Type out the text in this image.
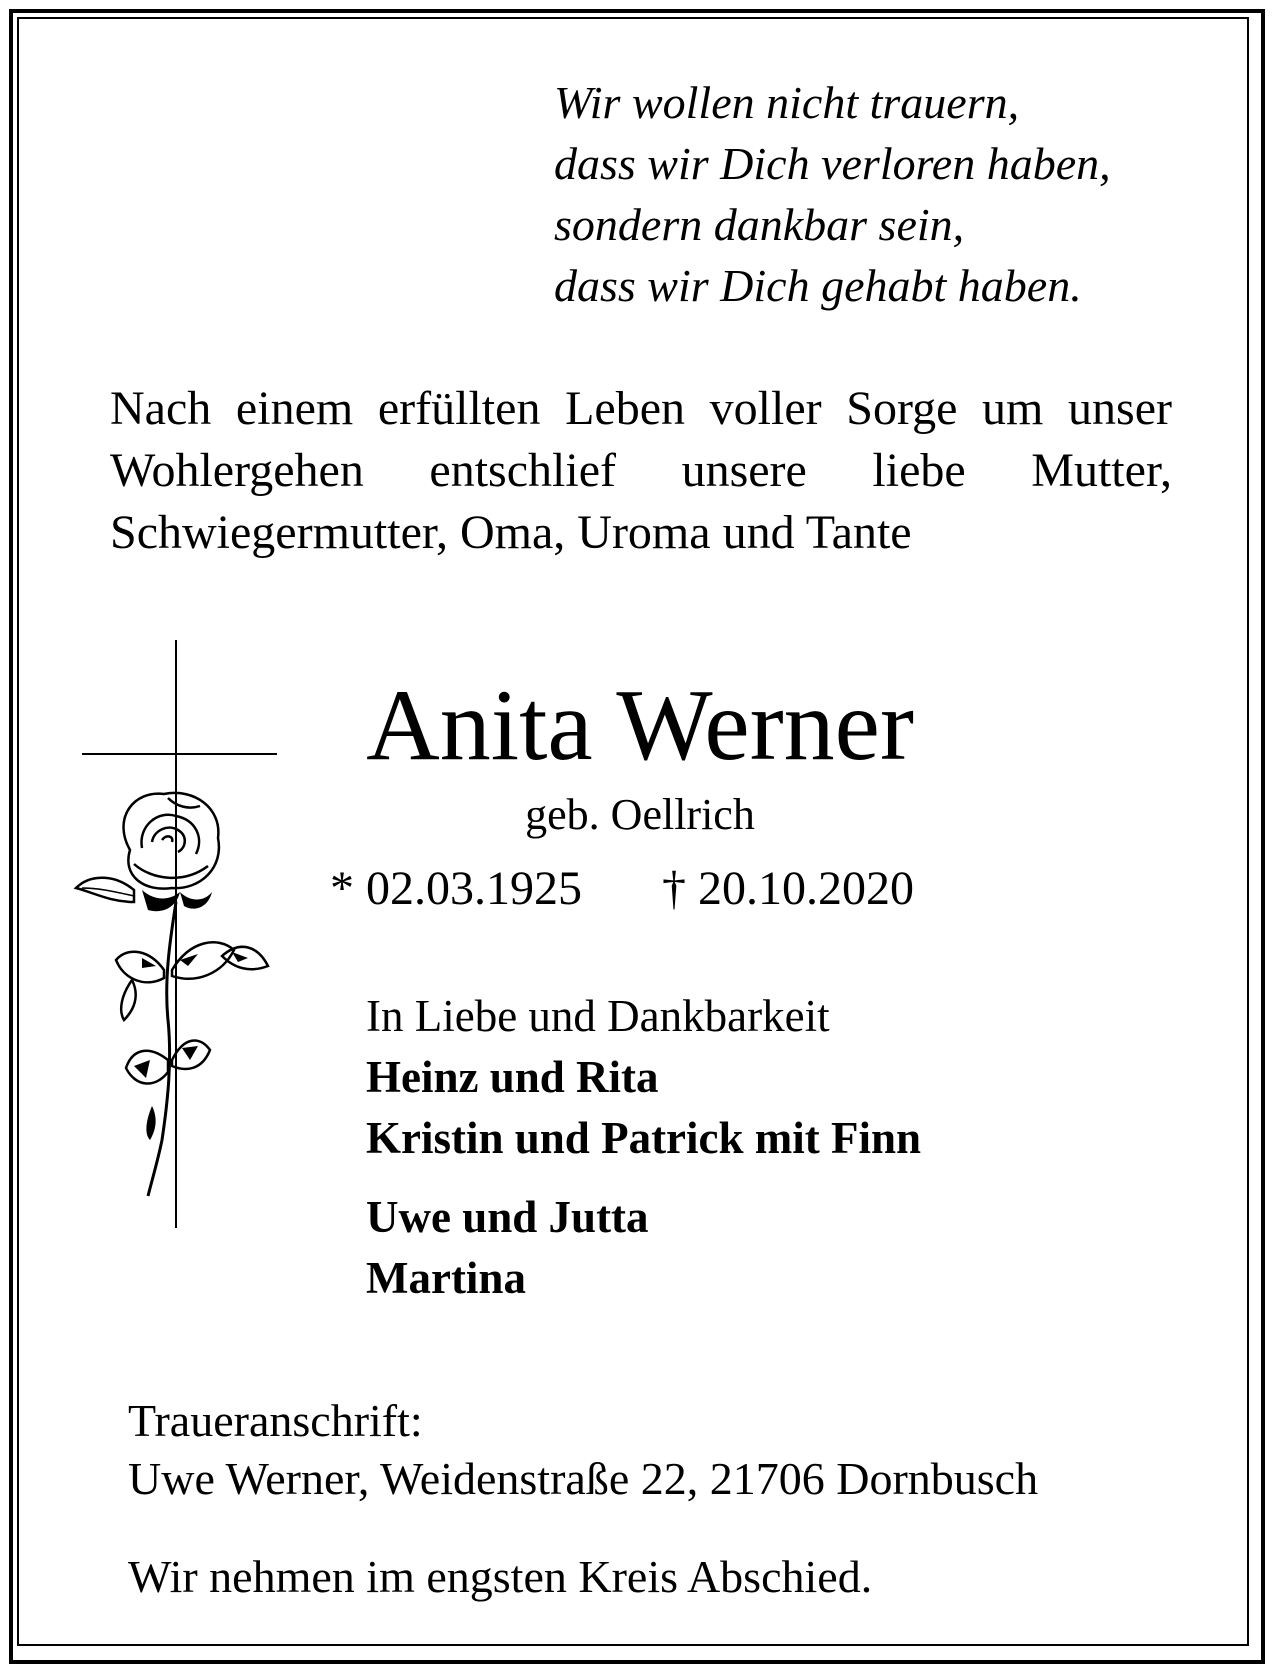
Wir wollen nicht trauern,
dass wir Dich verloren haben,
sondern dankbar sein,
dass wir Dich gehabt haben.
Nach einem erfüllten Leben voller Sorge um unser
Wohlergehen entschlief unsere liebe Mutter,
Schwiegermutter, Oma, Uroma und Tante
Anita Werner
geb. Oellrich
* 02.03.1925 † 20.10.2020
In Liebe und Dankbarkeit
Heinz und Rita
Kristin und Patrick mit Finn
Uwe und Jutta
Martina
Traueranschrift:
Uwe Werner, Weidenstraße 22, 21706 Dornbusch
Wir nehmen im engsten Kreis Abschied.
